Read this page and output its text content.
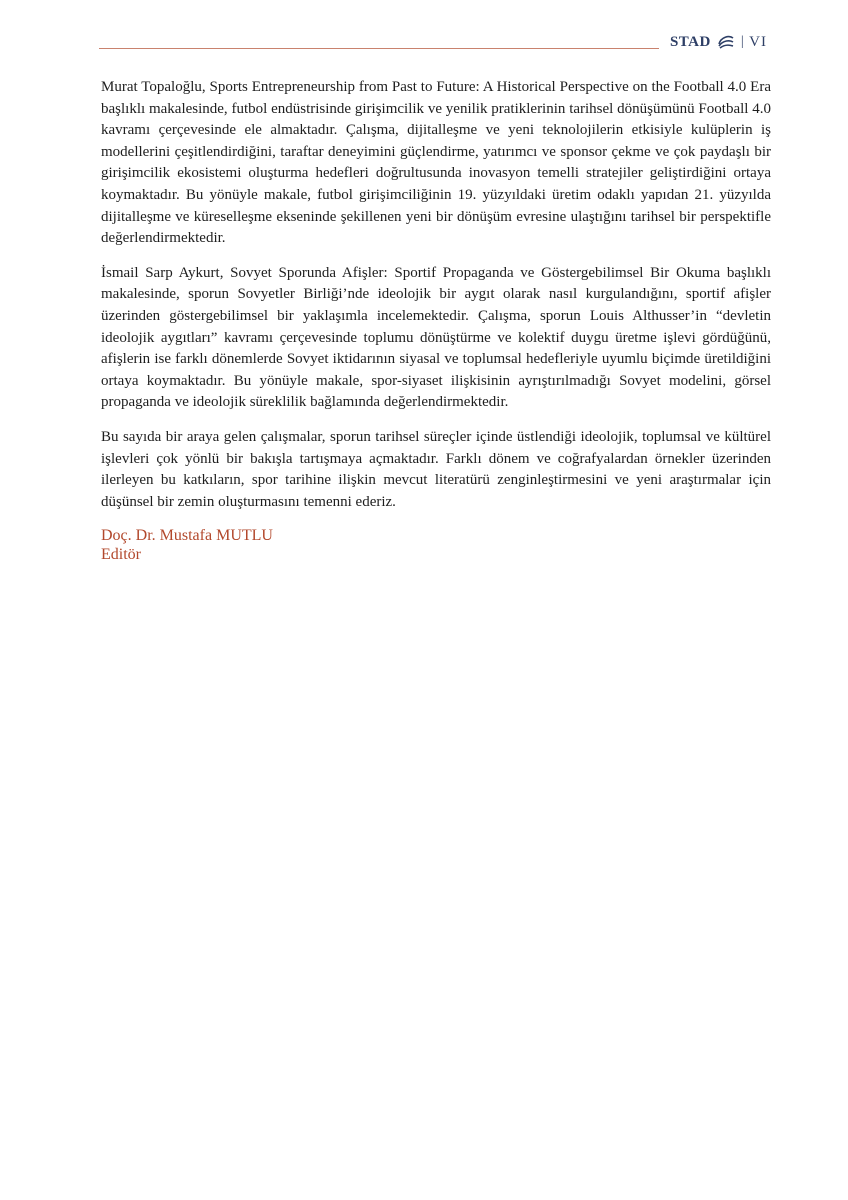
STAD | VI

Murat Topaloğlu, Sports Entrepreneurship from Past to Future: A Historical Perspective on the Football 4.0 Era başlıklı makalesinde, futbol endüstrisinde girişimcilik ve yenilik pratiklerinin tarihsel dönüşümünü Football 4.0 kavramı çerçevesinde ele almaktadır. Çalışma, dijitalleşme ve yeni teknolojilerin etkisiyle kulüplerin iş modellerini çeşitlendirdiğini, taraftar deneyimini güçlendirme, yatırımcı ve sponsor çekme ve çok paydaşlı bir girişimcilik ekosistemi oluşturma hedefleri doğrultusunda inovasyon temelli stratejiler geliştirdiğini ortaya koymaktadır. Bu yönüyle makale, futbol girişimciliğinin 19. yüzyıldaki üretim odaklı yapıdan 21. yüzyılda dijitalleşme ve küreselleşme ekseninde şekillenen yeni bir dönüşüm evresine ulaştığını tarihsel bir perspektifle değerlendirmektedir.

İsmail Sarp Aykurt, Sovyet Sporunda Afişler: Sportif Propaganda ve Göstergebilimsel Bir Okuma başlıklı makalesinde, sporun Sovyetler Birliği’nde ideolojik bir aygıt olarak nasıl kurgulandığını, sportif afişler üzerinden göstergebilimsel bir yaklaşımla incelemektedir. Çalışma, sporun Louis Althusser’in “devletin ideolojik aygıtları” kavramı çerçevesinde toplumu dönüştürme ve kolektif duygu üretme işlevi gördüğünü, afişlerin ise farklı dönemlerde Sovyet iktidarının siyasal ve toplumsal hedefleriyle uyumlu biçimde üretildiğini ortaya koymaktadır. Bu yönüyle makale, spor-siyaset ilişkisinin ayrıştırılmadığı Sovyet modelini, görsel propaganda ve ideolojik süreklilik bağlamında değerlendirmektedir.

Bu sayıda bir araya gelen çalışmalar, sporun tarihsel süreçler içinde üstlendiği ideolojik, toplumsal ve kültürel işlevleri çok yönlü bir bakışla tartışmaya açmaktadır. Farklı dönem ve coğrafyalardan örnekler üzerinden ilerleyen bu katkıların, spor tarihine ilişkin mevcut literatürü zenginleştirmesini ve yeni araştırmalar için düşünsel bir zemin oluşturmasını temenni ederiz.

Doç. Dr. Mustafa MUTLU
Editör
